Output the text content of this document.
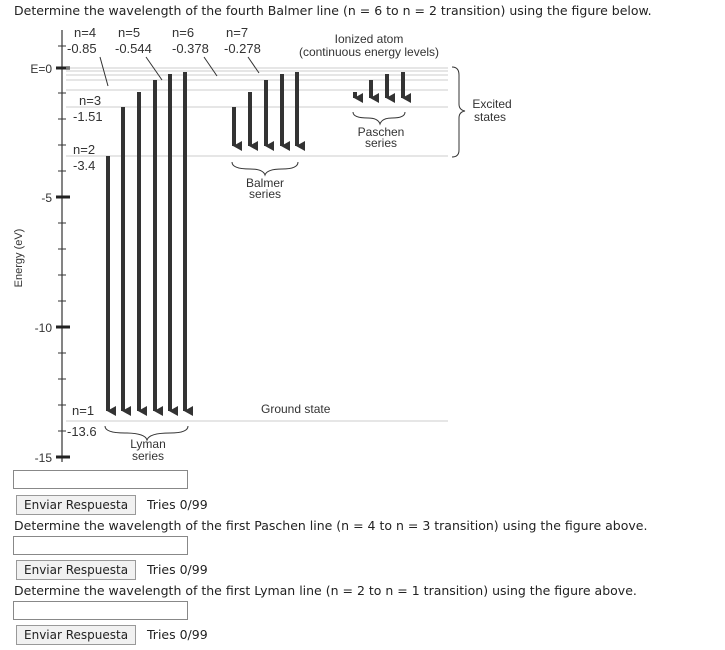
Determine the wavelength of the fourth Balmer line (n = 6 to n = 2 transition) using the figure below.
E=0
-5
-10
-15
Energy (eV)
n=4 n=5 n=6 n=7
-0.85 -0.544 -0.378 -0.278
n=3
-1.51
n=2
-3.4
n=1
-13.6
Lyman
series
Balmer
series
Paschen
series
Ionized atom
(continuous energy levels)
Excited
states
Ground state
Enviar Respuesta	Tries 0/99
Determine the wavelength of the first Paschen line (n = 4 to n = 3 transition) using the figure above.
Enviar Respuesta	Tries 0/99
Determine the wavelength of the first Lyman line (n = 2 to n = 1 transition) using the figure above.
Enviar Respuesta	Tries 0/99
